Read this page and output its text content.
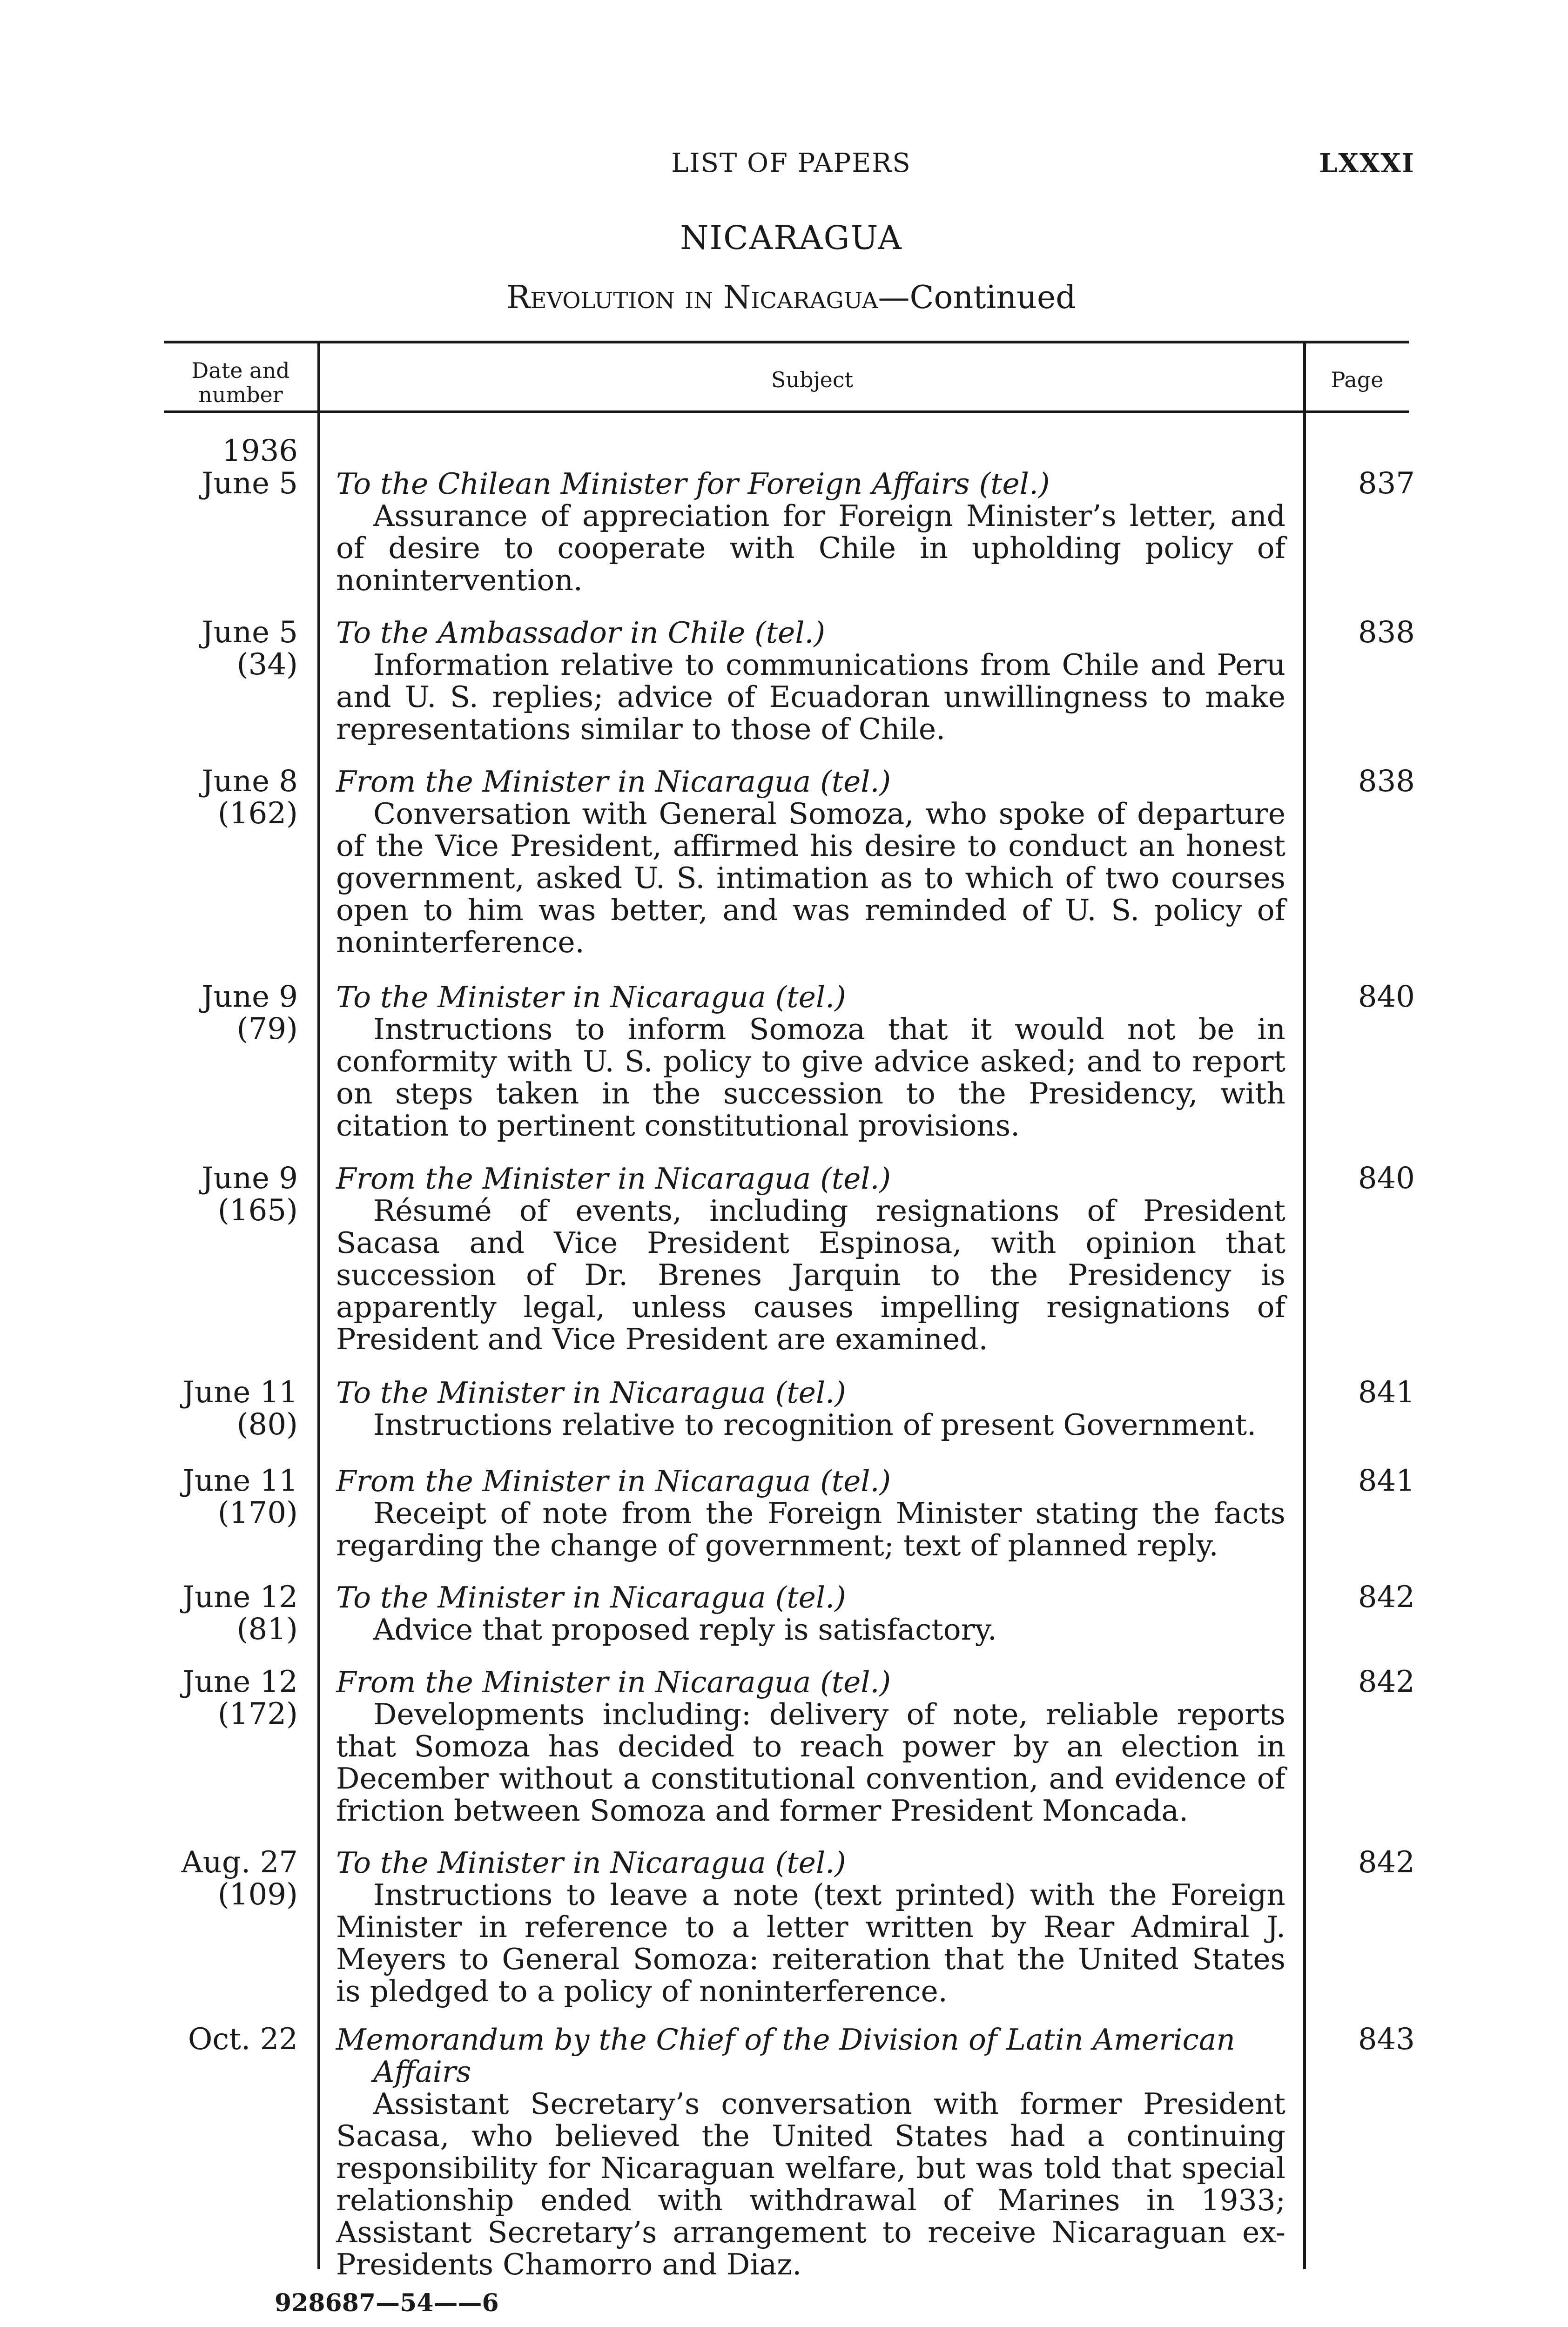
LIST OF PAPERS	LXXXI
NICARAGUA
Revolution in Nicaragua—Continued
Date and
number
Subject	Page
1936
June 5 To the Chilean Minister for Foreign Affairs (tel.)
Assurance of appreciation for Foreign Minister’s letter, and of desire to cooperate with Chile in upholding policy of nonintervention.
837
June 5
(34)
To the Ambassador in Chile (tel.)
Information relative to communications from Chile and Peru and U. S. replies; advice of Ecuadoran unwillingness to make representations similar to those of Chile.
838
June 8
(162)
From the Minister in Nicaragua (tel.)
Conversation with General Somoza, who spoke of departure of the Vice President, affirmed his desire to conduct an honest government, asked U. S. intimation as to which of two courses open to him was better, and was reminded of U. S. policy of noninterference.
838
June 9
(79)
To the Minister in Nicaragua (tel.)
Instructions to inform Somoza that it would not be in conformity with U. S. policy to give advice asked; and to report on steps taken in the succession to the Presidency, with citation to pertinent constitutional provisions.
840
June 9
(165)
From the Minister in Nicaragua (tel.)
Résumé of events, including resignations of President Sacasa and Vice President Espinosa, with opinion that succession of Dr. Brenes Jarquin to the Presidency is apparently legal, unless causes impelling resignations of President and Vice President are examined.
840
June 11
(80)
To the Minister in Nicaragua (tel.)
Instructions relative to recognition of present Government.
841
June 11
(170)
From the Minister in Nicaragua (tel.)
Receipt of note from the Foreign Minister stating the facts regarding the change of government; text of planned reply.
841
June 12
(81)
To the Minister in Nicaragua (tel.)
Advice that proposed reply is satisfactory.
842
June 12
(172)
From the Minister in Nicaragua (tel.)
Developments including: delivery of note, reliable reports that Somoza has decided to reach power by an election in December without a constitutional convention, and evidence of friction between Somoza and former President Moncada.
842
Aug. 27
(109)
To the Minister in Nicaragua (tel.)
Instructions to leave a note (text printed) with the Foreign Minister in reference to a letter written by Rear Admiral J. Meyers to General Somoza: reiteration that the United States is pledged to a policy of noninterference.
842
Oct. 22 Memorandum by the Chief of the Division of Latin American Affairs
Assistant Secretary’s conversation with former President Sacasa, who believed the United States had a continuing responsibility for Nicaraguan welfare, but was told that special relationship ended with withdrawal of Marines in 1933; Assistant Secretary’s arrangement to receive Nicaraguan ex-Presidents Chamorro and Diaz.
843
928687—54——6
